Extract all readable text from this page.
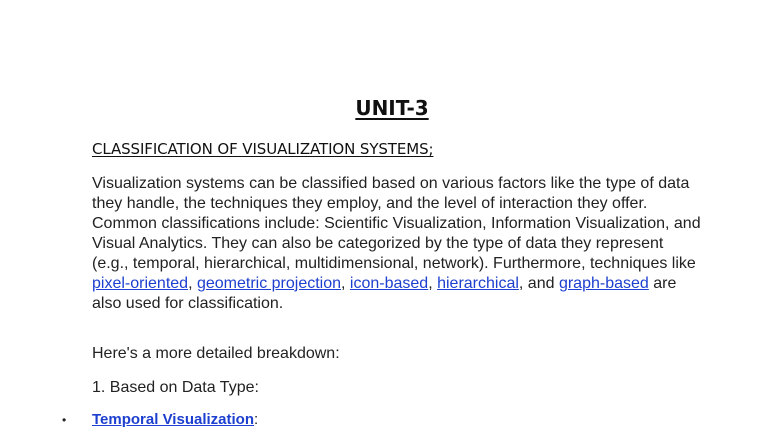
UNIT-3
CLASSIFICATION OF VISUALIZATION SYSTEMS;
Visualization systems can be classified based on various factors like the type of data they handle, the techniques they employ, and the level of interaction they offer. Common classifications include: Scientific Visualization, Information Visualization, and Visual Analytics. They can also be categorized by the type of data they represent (e.g., temporal, hierarchical, multidimensional, network). Furthermore, techniques like pixel-oriented, geometric projection, icon-based, hierarchical, and graph-based are also used for classification.
Here's a more detailed breakdown:
1. Based on Data Type:
• Temporal Visualization:
